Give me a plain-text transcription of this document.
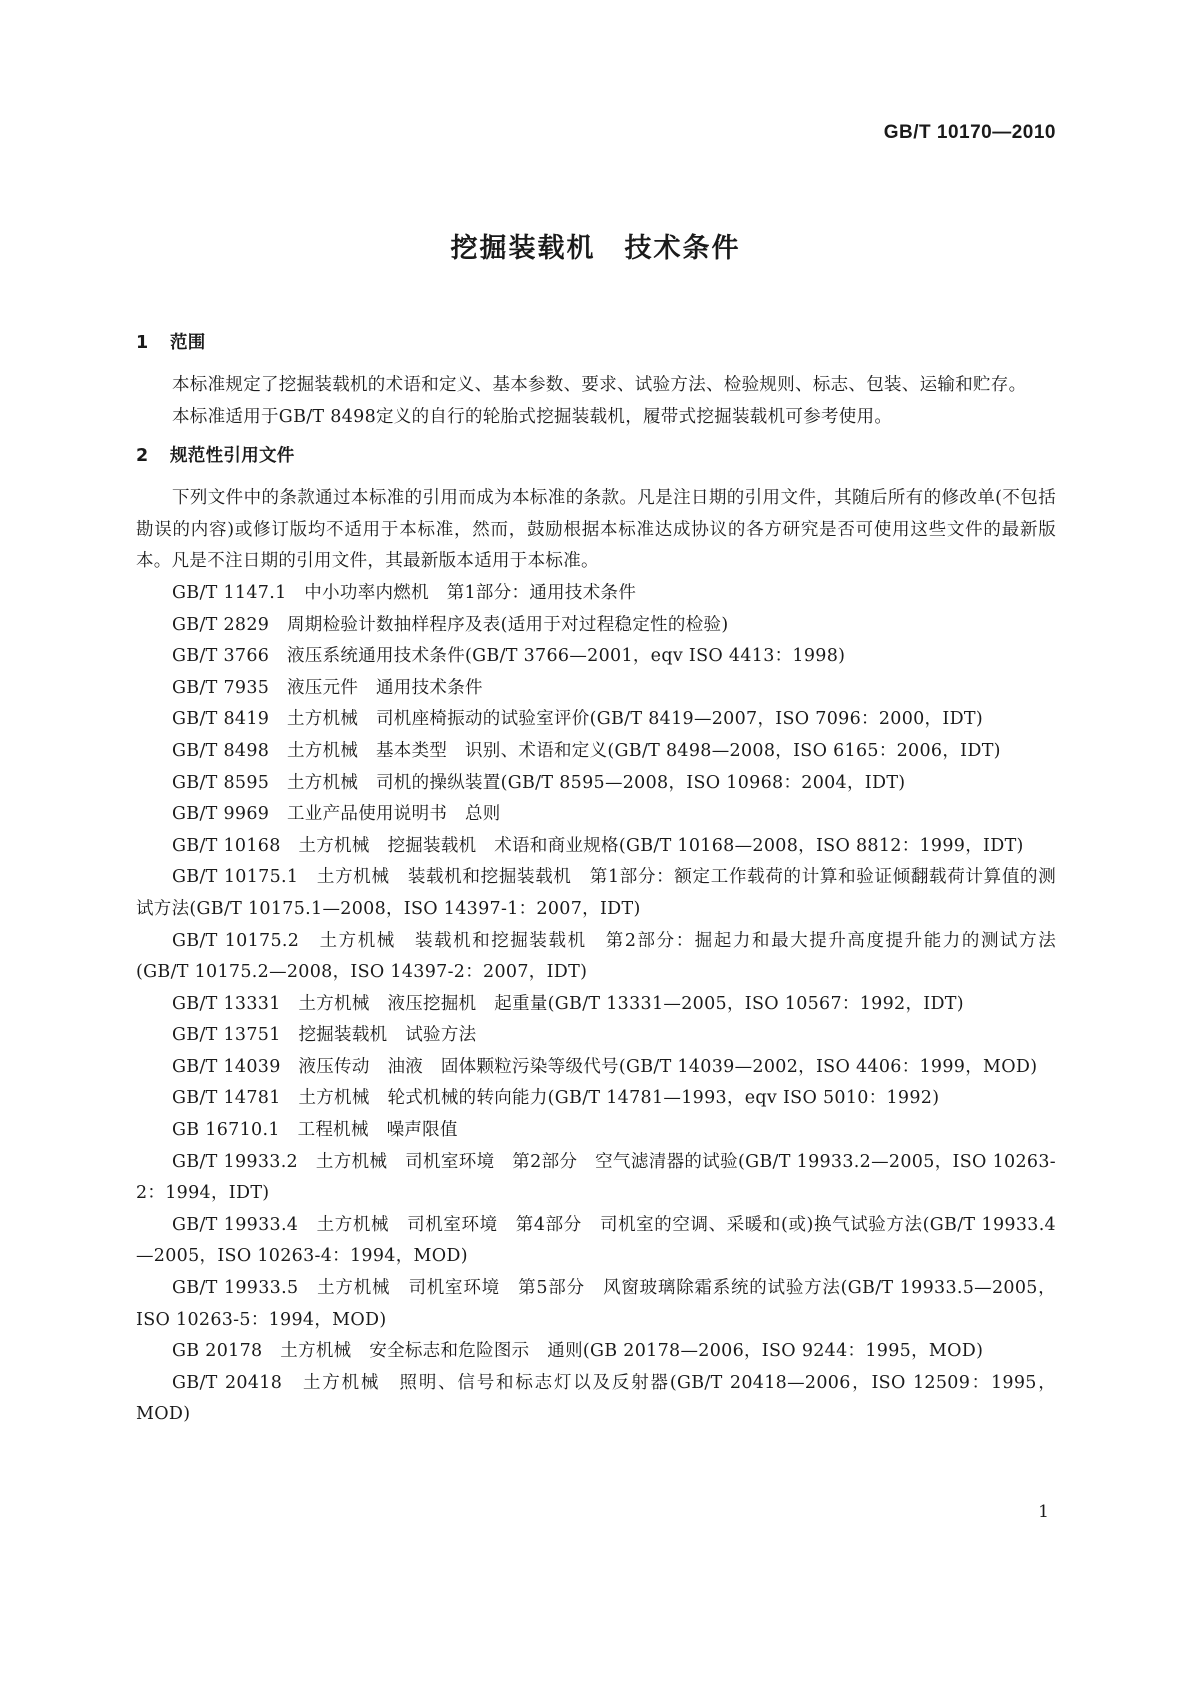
GB/T 10170—2010
挖掘装载机　技术条件
1 范围

本标准规定了挖掘装载机的术语和定义、基本参数、要求、试验方法、检验规则、标志、包装、运输和贮存。

本标准适用于GB/T 8498定义的自行的轮胎式挖掘装载机，履带式挖掘装载机可参考使用。

2 规范性引用文件

下列文件中的条款通过本标准的引用而成为本标准的条款。凡是注日期的引用文件，其随后所有的修改单(不包括勘误的内容)或修订版均不适用于本标准，然而，鼓励根据本标准达成协议的各方研究是否可使用这些文件的最新版本。凡是不注日期的引用文件，其最新版本适用于本标准。

GB/T 1147.1　中小功率内燃机　第1部分：通用技术条件

GB/T 2829　周期检验计数抽样程序及表(适用于对过程稳定性的检验)

GB/T 3766　液压系统通用技术条件(GB/T 3766—2001，eqv ISO 4413：1998)

GB/T 7935　液压元件　通用技术条件

GB/T 8419　土方机械　司机座椅振动的试验室评价(GB/T 8419—2007，ISO 7096：2000，IDT)

GB/T 8498　土方机械　基本类型　识别、术语和定义(GB/T 8498—2008，ISO 6165：2006，IDT)

GB/T 8595　土方机械　司机的操纵装置(GB/T 8595—2008，ISO 10968：2004，IDT)

GB/T 9969　工业产品使用说明书　总则

GB/T 10168　土方机械　挖掘装载机　术语和商业规格(GB/T 10168—2008，ISO 8812：1999，IDT)

GB/T 10175.1　土方机械　装载机和挖掘装载机　第1部分：额定工作载荷的计算和验证倾翻载荷计算值的测试方法(GB/T 10175.1—2008，ISO 14397-1：2007，IDT)

GB/T 10175.2　土方机械　装载机和挖掘装载机　第2部分：掘起力和最大提升高度提升能力的测试方法(GB/T 10175.2—2008，ISO 14397-2：2007，IDT)

GB/T 13331　土方机械　液压挖掘机　起重量(GB/T 13331—2005，ISO 10567：1992，IDT)

GB/T 13751　挖掘装载机　试验方法

GB/T 14039　液压传动　油液　固体颗粒污染等级代号(GB/T 14039—2002，ISO 4406：1999，MOD)

GB/T 14781　土方机械　轮式机械的转向能力(GB/T 14781—1993，eqv ISO 5010：1992)

GB 16710.1　工程机械　噪声限值

GB/T 19933.2　土方机械　司机室环境　第2部分　空气滤清器的试验(GB/T 19933.2—2005，ISO 10263-2：1994，IDT)

GB/T 19933.4　土方机械　司机室环境　第4部分　司机室的空调、采暖和(或)换气试验方法(GB/T 19933.4—2005，ISO 10263-4：1994，MOD)

GB/T 19933.5　土方机械　司机室环境　第5部分　风窗玻璃除霜系统的试验方法(GB/T 19933.5—2005，ISO 10263-5：1994，MOD)

GB 20178　土方机械　安全标志和危险图示　通则(GB 20178—2006，ISO 9244：1995，MOD)

GB/T 20418　土方机械　照明、信号和标志灯以及反射器(GB/T 20418—2006，ISO 12509：1995，MOD)

1
